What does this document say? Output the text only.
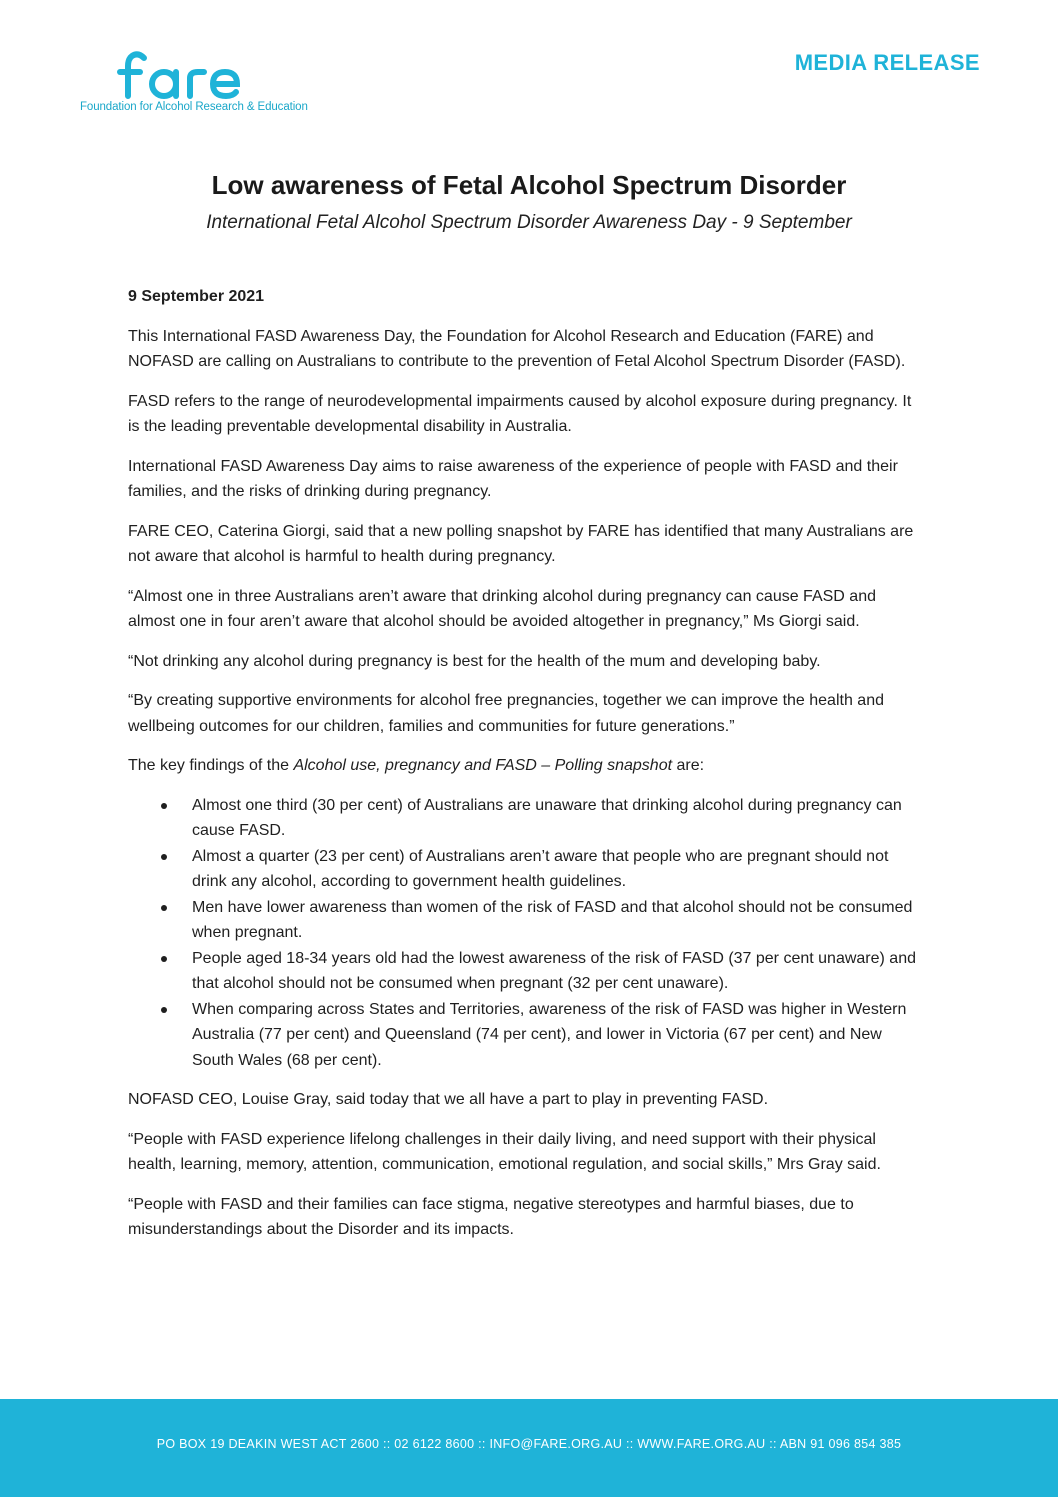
Foundation for Alcohol Research & Education
MEDIA RELEASE
Low awareness of Fetal Alcohol Spectrum Disorder
International Fetal Alcohol Spectrum Disorder Awareness Day - 9 September

9 September 2021

This International FASD Awareness Day, the Foundation for Alcohol Research and Education (FARE) and NOFASD are calling on Australians to contribute to the prevention of Fetal Alcohol Spectrum Disorder (FASD).

FASD refers to the range of neurodevelopmental impairments caused by alcohol exposure during pregnancy. It is the leading preventable developmental disability in Australia.

International FASD Awareness Day aims to raise awareness of the experience of people with FASD and their families, and the risks of drinking during pregnancy.

FARE CEO, Caterina Giorgi, said that a new polling snapshot by FARE has identified that many Australians are not aware that alcohol is harmful to health during pregnancy.

“Almost one in three Australians aren’t aware that drinking alcohol during pregnancy can cause FASD and almost one in four aren’t aware that alcohol should be avoided altogether in pregnancy,” Ms Giorgi said.

“Not drinking any alcohol during pregnancy is best for the health of the mum and developing baby.

“By creating supportive environments for alcohol free pregnancies, together we can improve the health and wellbeing outcomes for our children, families and communities for future generations.”

The key findings of the Alcohol use, pregnancy and FASD – Polling snapshot are:

Almost one third (30 per cent) of Australians are unaware that drinking alcohol during pregnancy can cause FASD.
Almost a quarter (23 per cent) of Australians aren’t aware that people who are pregnant should not drink any alcohol, according to government health guidelines.
Men have lower awareness than women of the risk of FASD and that alcohol should not be consumed when pregnant.
People aged 18-34 years old had the lowest awareness of the risk of FASD (37 per cent unaware) and that alcohol should not be consumed when pregnant (32 per cent unaware).
When comparing across States and Territories, awareness of the risk of FASD was higher in Western Australia (77 per cent) and Queensland (74 per cent), and lower in Victoria (67 per cent) and New South Wales (68 per cent).

NOFASD CEO, Louise Gray, said today that we all have a part to play in preventing FASD.

“People with FASD experience lifelong challenges in their daily living, and need support with their physical health, learning, memory, attention, communication, emotional regulation, and social skills,” Mrs Gray said.

“People with FASD and their families can face stigma, negative stereotypes and harmful biases, due to misunderstandings about the Disorder and its impacts.

PO BOX 19 DEAKIN WEST ACT 2600 :: 02 6122 8600 :: INFO@FARE.ORG.AU :: WWW.FARE.ORG.AU :: ABN 91 096 854 385
